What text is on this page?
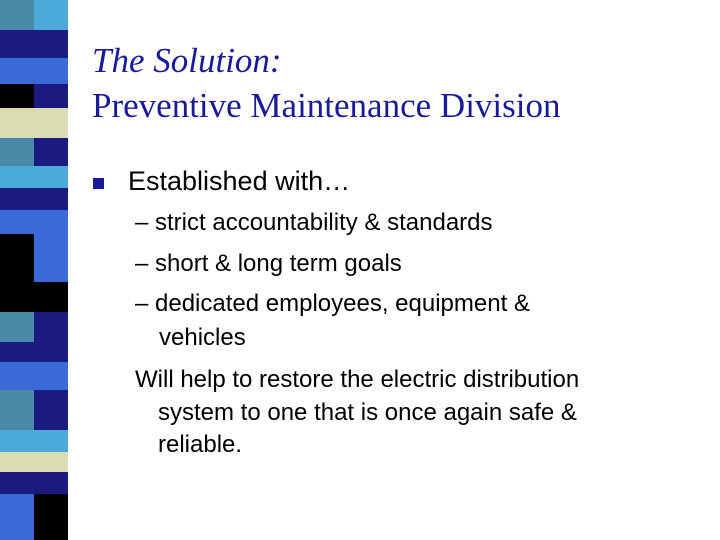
The Solution:
Preventive Maintenance Division
Established with…
– strict accountability & standards
– short & long term goals
– dedicated employees, equipment &
vehicles
Will help to restore the electric distribution
system to one that is once again safe &
reliable.
